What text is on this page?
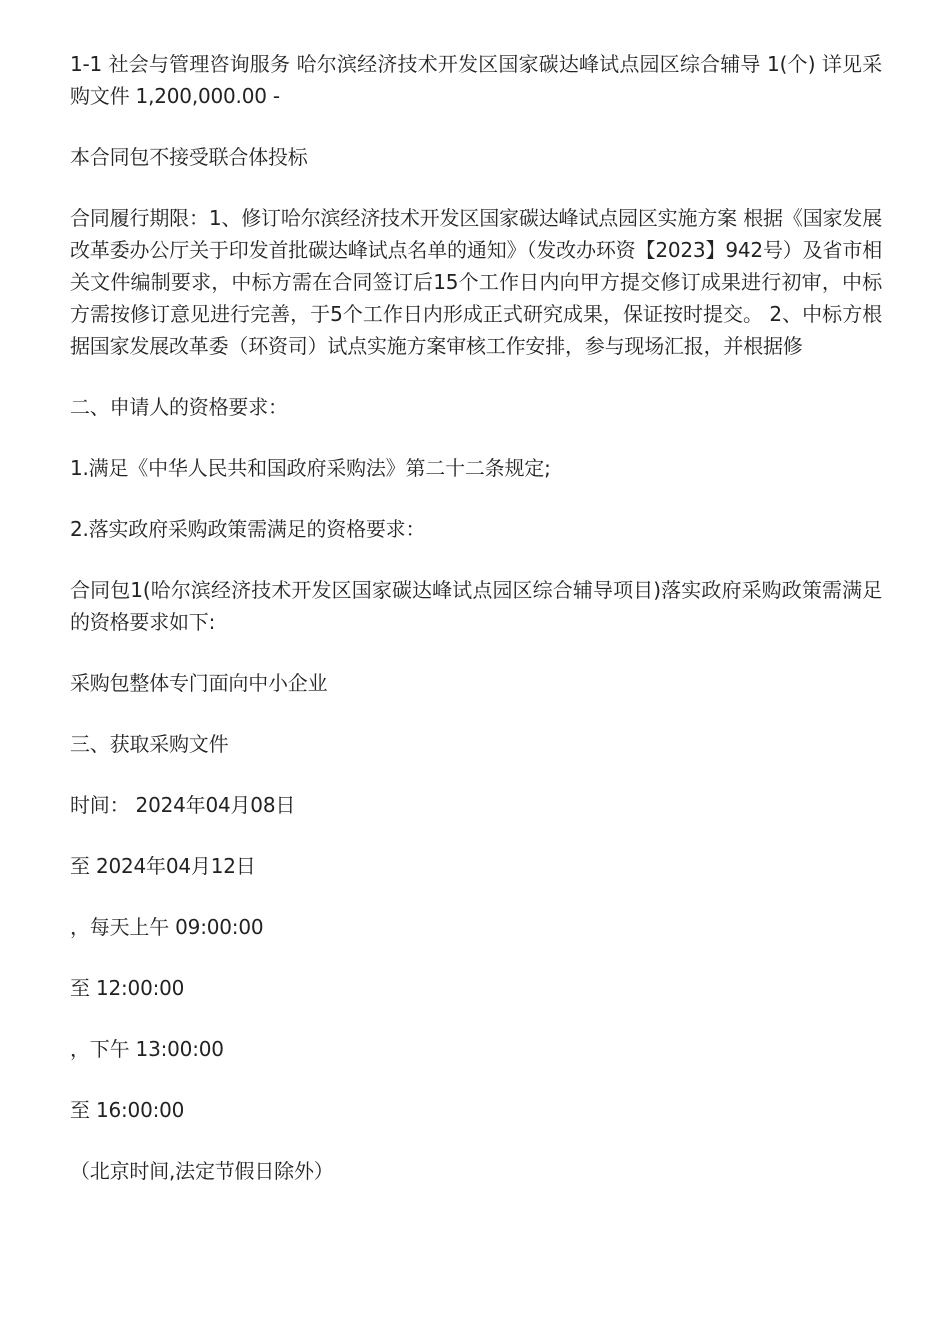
1-1 社会与管理咨询服务 哈尔滨经济技术开发区国家碳达峰试点园区综合辅导 1(个) 详见采购文件 1,200,000.00 -

本合同包不接受联合体投标

合同履行期限：1、修订哈尔滨经济技术开发区国家碳达峰试点园区实施方案 根据《国家发展改革委办公厅关于印发首批碳达峰试点名单的通知》（发改办环资【2023】942号）及省市相关文件编制要求，中标方需在合同签订后15个工作日内向甲方提交修订成果进行初审，中标方需按修订意见进行完善，于5个工作日内形成正式研究成果，保证按时提交。 2、中标方根据国家发展改革委（环资司）试点实施方案审核工作安排，参与现场汇报，并根据修

二、申请人的资格要求：

1.满足《中华人民共和国政府采购法》第二十二条规定;

2.落实政府采购政策需满足的资格要求：

合同包1(哈尔滨经济技术开发区国家碳达峰试点园区综合辅导项目)落实政府采购政策需满足的资格要求如下:

采购包整体专门面向中小企业

三、获取采购文件

时间： 2024年04月08日

至 2024年04月12日

，每天上午 09:00:00

至 12:00:00

，下午 13:00:00

至 16:00:00

（北京时间,法定节假日除外）
